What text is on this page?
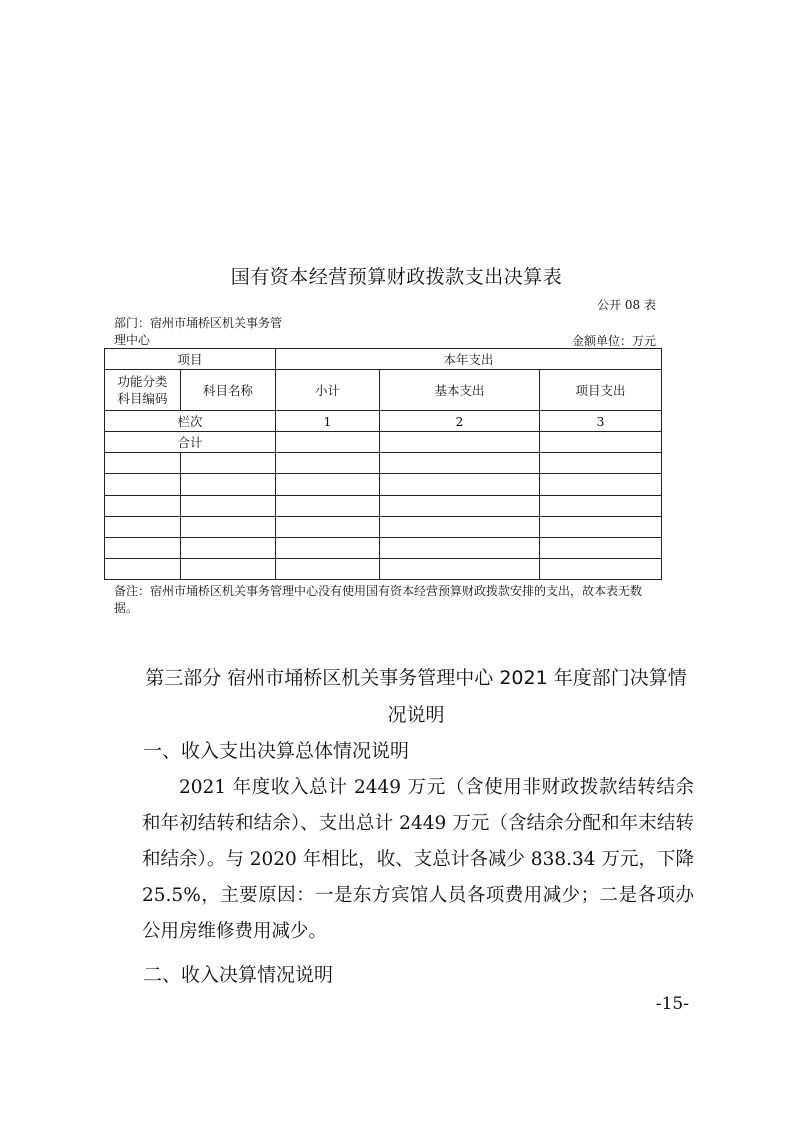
国有资本经营预算财政拨款支出决算表
公开 08 表
部门：宿州市埇桥区机关事务管理中心	金额单位：万元
项目		本年支出		
功能分类科目编码	科目名称	小计	基本支出	项目支出
栏次		1	2	3
合计				

备注：宿州市埇桥区机关事务管理中心没有使用国有资本经营预算财政拨款安排的支出，故本表无数据。
第三部分 宿州市埇桥区机关事务管理中心 2021 年度部门决算情况说明
一、收入支出决算总体情况说明

2021 年度收入总计 2449 万元（含使用非财政拨款结转结余和年初结转和结余）、支出总计 2449 万元（含结余分配和年末结转和结余）。与 2020 年相比，收、支总计各减少 838.34 万元，下降 25.5%，主要原因：一是东方宾馆人员各项费用减少；二是各项办公用房维修费用减少。

二、收入决算情况说明
-15-
